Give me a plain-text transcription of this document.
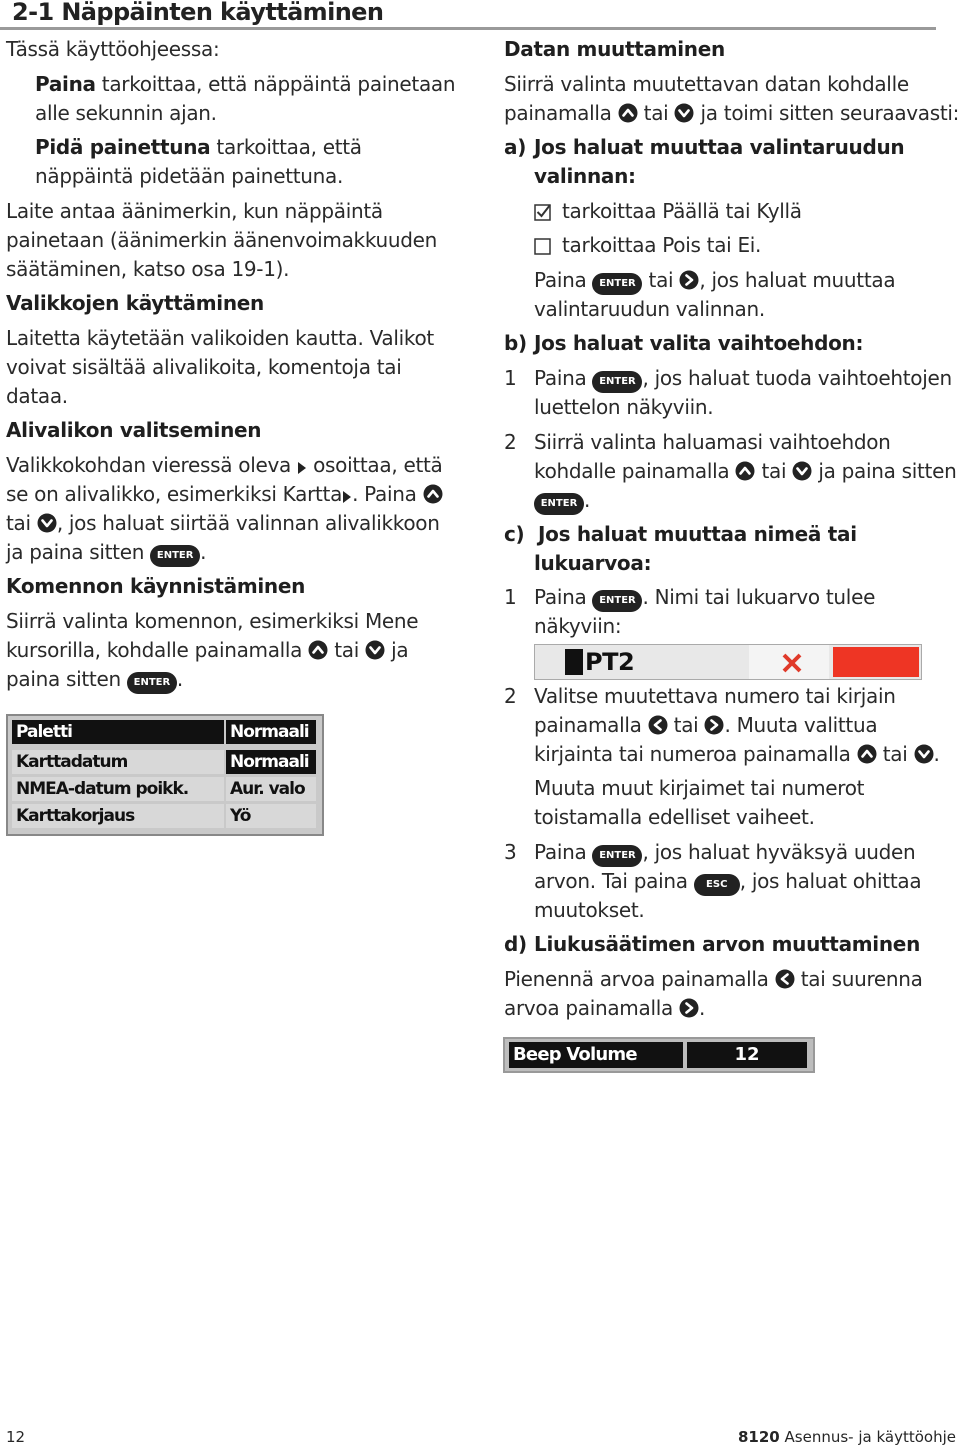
2-1 Näppäinten käyttäminen
Tässä käyttöohjeessa:
Paina tarkoittaa, että näppäintä painetaan
alle sekunnin ajan.
Pidä painettuna tarkoittaa, että
näppäintä pidetään painettuna.
Laite antaa äänimerkin, kun näppäintä
painetaan (äänimerkin äänenvoimakkuuden
säätäminen, katso osa 19-1).
Valikkojen käyttäminen
Laitetta käytetään valikoiden kautta. Valikot
voivat sisältää alivalikoita, komentoja tai
dataa.
Alivalikon valitseminen
Valikkokohdan vieressä oleva  osoittaa, että
se on alivalikko, esimerkiksi Kartta . Paina
tai , jos haluat siirtää valinnan alivalikkoon
ja paina sitten ENTER .
Komennon käynnistäminen
Siirrä valinta komennon, esimerkiksi Mene
kursorilla, kohdalle painamalla  tai  ja
paina sitten ENTER .
Paletti	Normaali
Karttadatum	Normaali
NMEA-datum poikk.	Aur. valo
Karttakorjaus	Yö
Datan muuttaminen
Siirrä valinta muutettavan datan kohdalle
painamalla  tai  ja toimi sitten seuraavasti:
a) Jos haluat muuttaa valintaruudun
valinnan:
tarkoittaa Päällä tai Kyllä
tarkoittaa Pois tai Ei.
Paina ENTER tai , jos haluat muuttaa
valintaruudun valinnan.
b) Jos haluat valita vaihtoehdon:
1 Paina ENTER , jos haluat tuoda vaihtoehtojen
luettelon näkyviin.
2 Siirrä valinta haluamasi vaihtoehdon
kohdalle painamalla  tai  ja paina sitten
ENTER .
c) Jos haluat muuttaa nimeä tai
lukuarvoa:
1 Paina ENTER . Nimi tai lukuarvo tulee
näkyviin:
PT2
2 Valitse muutettava numero tai kirjain
painamalla  tai . Muuta valittua
kirjainta tai numeroa painamalla  tai .
Muuta muut kirjaimet tai numerot
toistamalla edelliset vaiheet.
3 Paina ENTER , jos haluat hyväksyä uuden
arvon. Tai paina ESC , jos haluat ohittaa
muutokset.
d) Liukusäätimen arvon muuttaminen
Pienennä arvoa painamalla  tai suurenna
arvoa painamalla .
Beep Volume	12
12	8120 Asennus- ja käyttöohje
